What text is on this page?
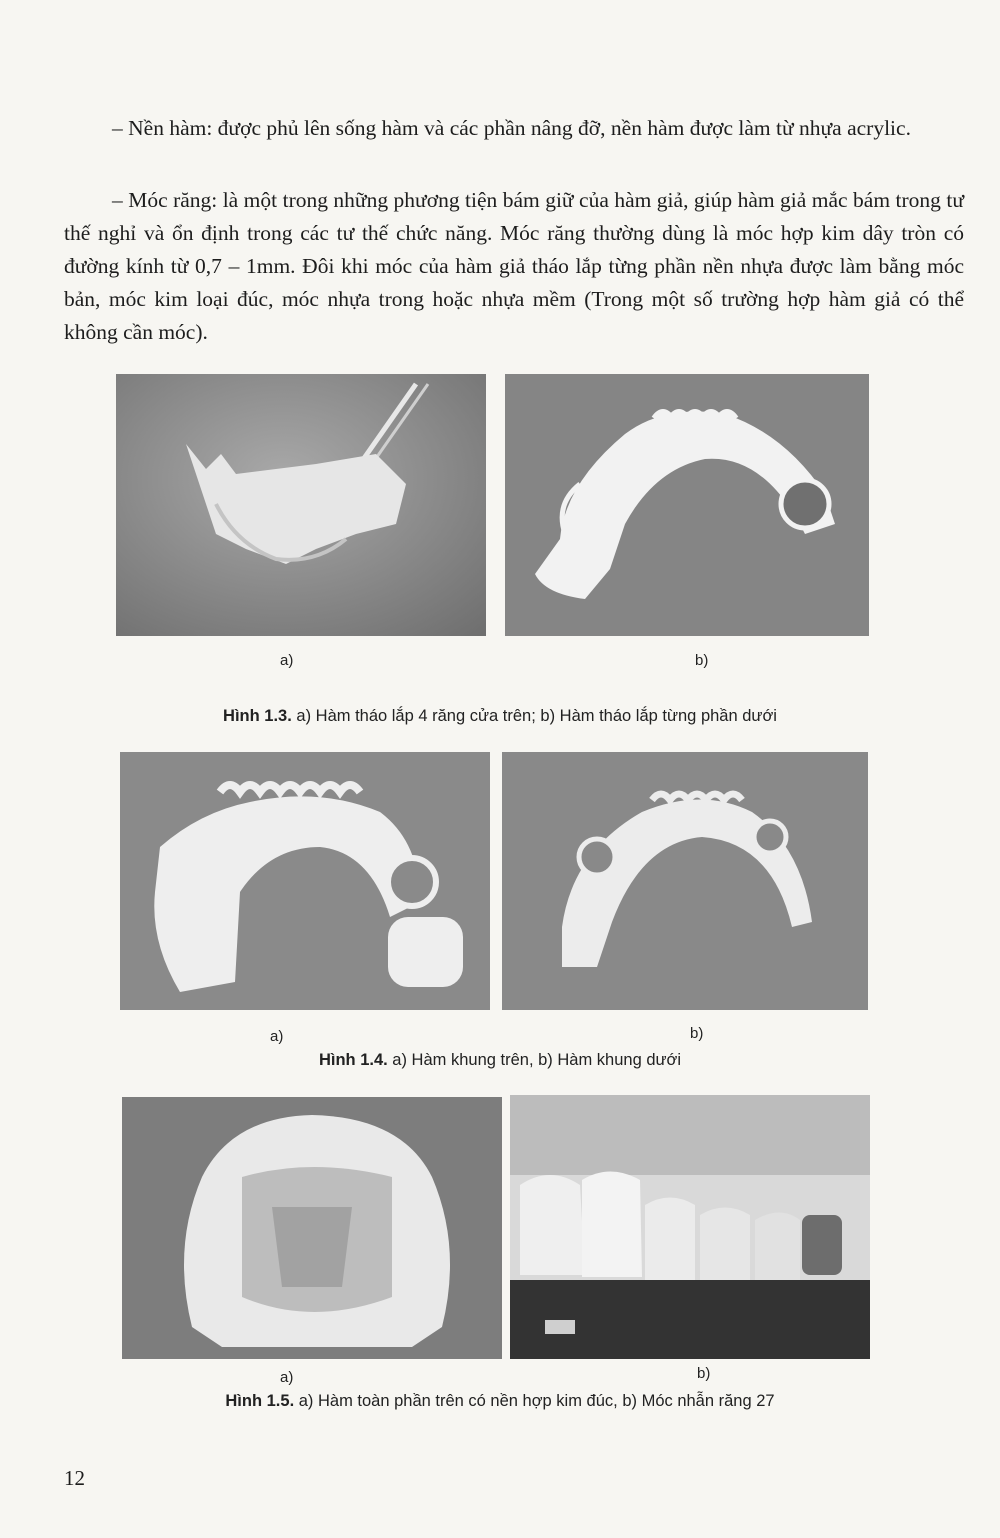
– Nền hàm: được phủ lên sống hàm và các phần nâng đỡ, nền hàm được làm từ nhựa acrylic.

– Móc răng: là một trong những phương tiện bám giữ của hàm giả, giúp hàm giả mắc bám trong tư thế nghỉ và ổn định trong các tư thế chức năng. Móc răng thường dùng là móc hợp kim dây tròn có đường kính từ 0,7 – 1mm. Đôi khi móc của hàm giả tháo lắp từng phần nền nhựa được làm bằng móc bản, móc kim loại đúc, móc nhựa trong hoặc nhựa mềm (Trong một số trường hợp hàm giả có thể không cần móc).

a)	b)
Hình 1.3. a) Hàm tháo lắp 4 răng cửa trên; b) Hàm tháo lắp từng phần dưới
a)	b)
Hình 1.4. a) Hàm khung trên, b) Hàm khung dưới
a)	b)
Hình 1.5. a) Hàm toàn phần trên có nền hợp kim đúc, b) Móc nhẫn răng 27
12
